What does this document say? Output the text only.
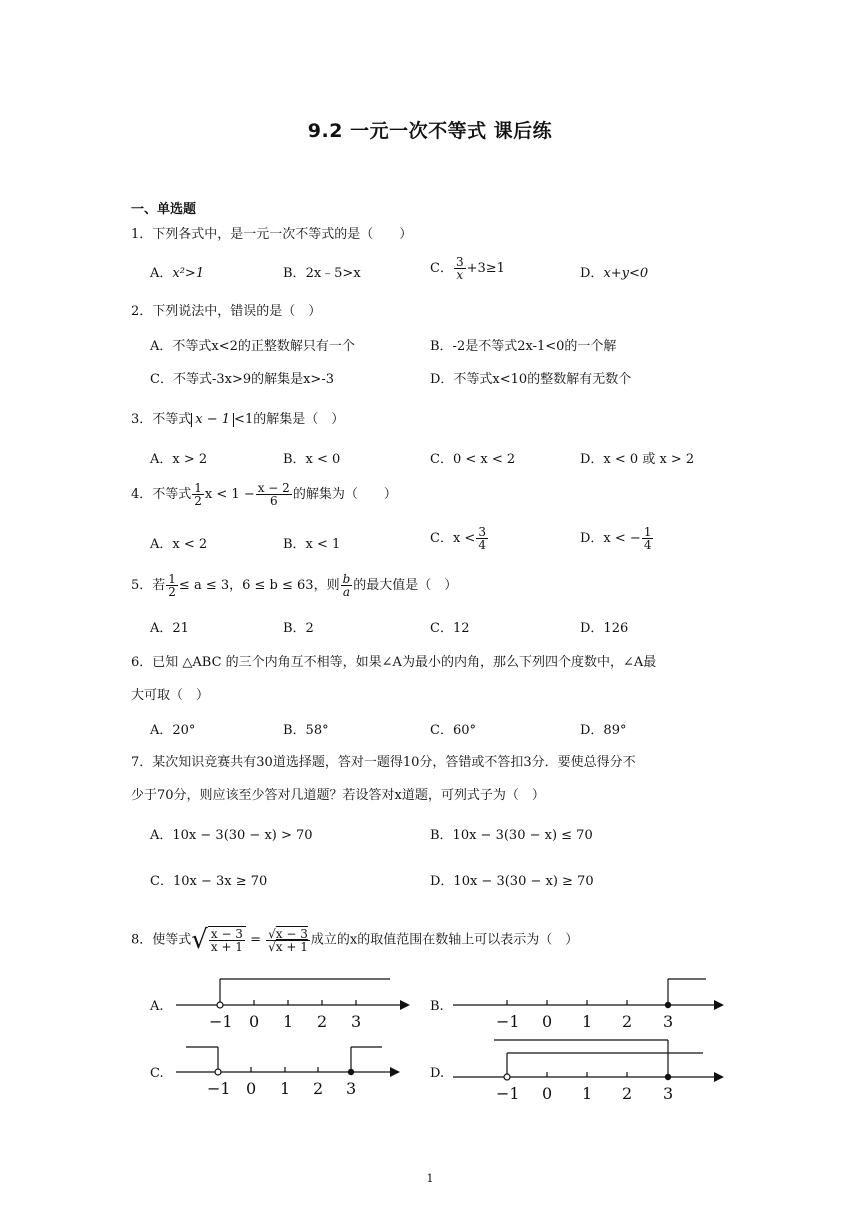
9.2 一元一次不等式 课后练
一、单选题
1．下列各式中，是一元一次不等式的是（　　）
A．x²>1	B．2x﹣5>x	C． $\frac{3}{x} +3\ge 1$	D．x+y<0
2．下列说法中，错误的是（　）
A．不等式x<2的正整数解只有一个	B．-2是不等式2x-1<0的一个解
C．不等式-3x>9的解集是x>-3	D．不等式x<10的整数解有无数个
3．不等式 x − 1 <1的解集是（　）
A．x > 2	B．x < 0	C．0 < x < 2	D．x < 0 或 x > 2
4．不等式 $\frac{1}{2}$ $x < 1 - \frac{x - 2}{6}$ 的解集为（　　）
A．x < 2	B．x < 1	C．$x < \frac{3}{4}$	D．x < − $\frac{1}{4}$
5．若 $\frac{1}{2} \le a \le 3$，6 ≤ b ≤ 63，则 $\frac{b}{a}$ 的最大值是（　）
A．21	B．2	C．12	D．126
6．已知 △ABC 的三个内角互不相等，如果∠A为最小的内角，那么下列四个度数中，∠A最
大可取（　）
A．20°	B．58°	C．60°	D．89°
7．某次知识竞赛共有30道选择题，答对一题得10分，答错或不答扣3分．要使总得分不
少于70分，则应该至少答对几道题？若设答对x道题，可列式子为（　）
A．10x − 3(30 − x) > 70	B．10x − 3(30 − x) ≤ 70
C．10x − 3x ≥ 70	D．10x − 3(30 − x) ≥ 70
8．使等式√ $\frac{x - 3}{x + 1} = \frac{√x - 3}{√x + 1}$ 成立的x的取值范围在数轴上可以表示为（　）
A.
−1 0 1 2 3
B.
−1 0 1 2 3
C.
−1 0 1 2 3
D.
−1 0 1 2 3
1
